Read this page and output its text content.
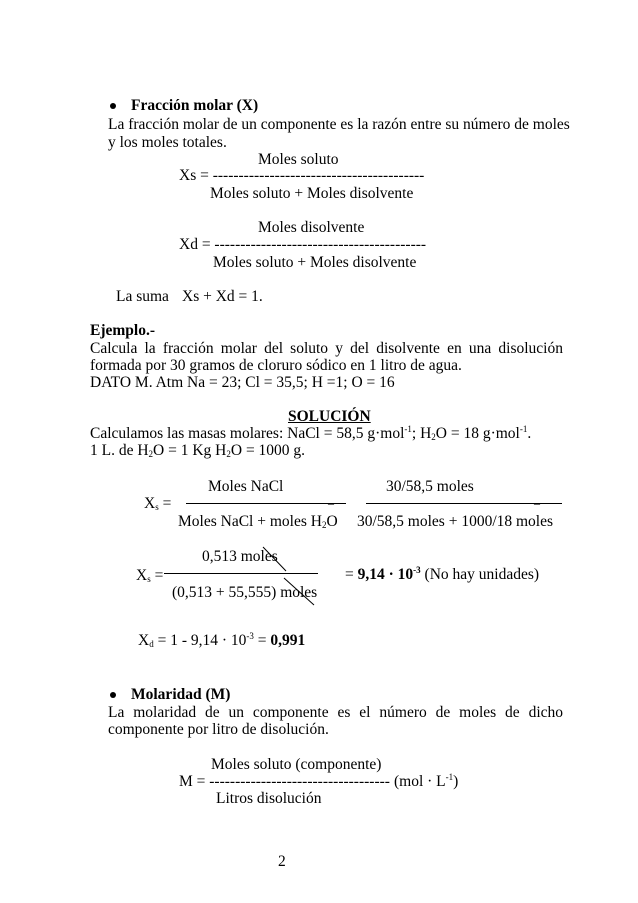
Fracción molar (X)
La fracción molar de un componente es la razón entre su número de moles
y los moles totales.
Moles soluto
Xs = -----------------------------------------
Moles soluto + Moles disolvente
Moles disolvente
Xd = -----------------------------------------
Moles soluto + Moles disolvente
La suma Xs + Xd = 1.
Ejemplo.-
Calcula la fracción molar del soluto y del disolvente en una disolución
formada por 30 gramos de cloruro sódico en 1 litro de agua.
DATO M. Atm Na = 23; Cl = 35,5; H =1; O = 16
SOLUCIÓN
Calculamos las masas molares: NaCl = 58,5 g·mol$^{-1}$; $H_2O = 18$ g·mol$^{-1}$.
1 L. de $H_2O = 1$ Kg $H_2O = 1000$ g.
Moles NaCl	30/58,5 moles
$X_s$ =	_	_
Moles NaCl + moles $H_2O$ 30/58,5 moles + 1000/18 moles
0,513 moles
$X_s$ =
(0,513 + 55,555) moles
= $9,14 \cdot 10^{-3}$ (No hay unidades)
$X_d = 1 - 9,14 \cdot 10^{-3} = 0,991$
Molaridad (M)
La molaridad de un componente es el número de moles de dicho
componente por litro de disolución.
Moles soluto (componente)
M = ----------------------------------- $(mol \cdot L^{-1})$
Litros disolución
2
